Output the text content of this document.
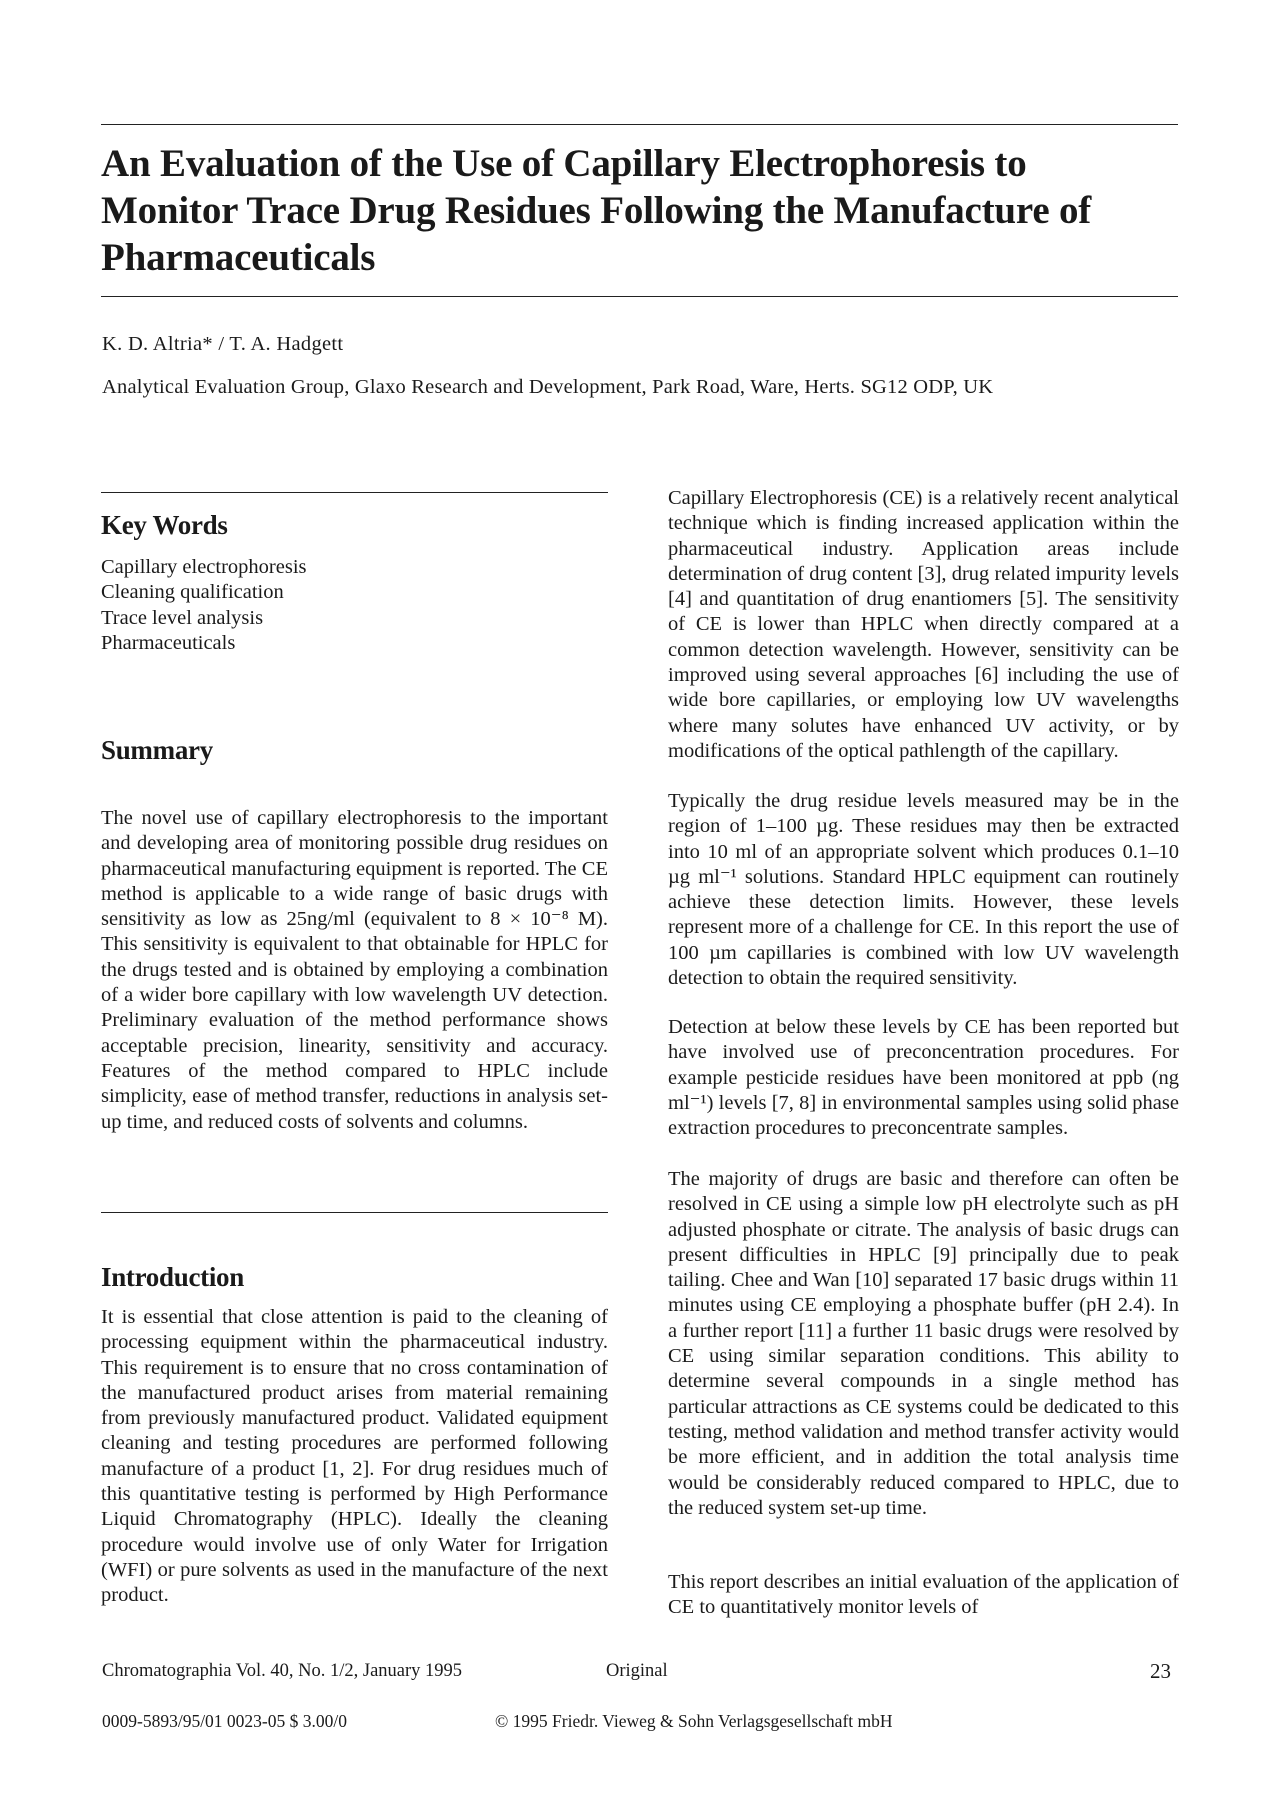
An Evaluation of the Use of Capillary Electrophoresis to Monitor Trace Drug Residues Following the Manufacture of Pharmaceuticals
K. D. Altria* / T. A. Hadgett
Analytical Evaluation Group, Glaxo Research and Development, Park Road, Ware, Herts. SG12 ODP, UK
Key Words
Capillary electrophoresis
Cleaning qualification
Trace level analysis
Pharmaceuticals
Summary

The novel use of capillary electrophoresis to the important and developing area of monitoring possible drug residues on pharmaceutical manufacturing equipment is reported. The CE method is applicable to a wide range of basic drugs with sensitivity as low as 25ng/ml (equivalent to 8 × 10⁻⁸ M). This sensitivity is equivalent to that obtainable for HPLC for the drugs tested and is obtained by employing a combination of a wider bore capillary with low wavelength UV detection. Preliminary evaluation of the method performance shows acceptable precision, linearity, sensitivity and accuracy. Features of the method compared to HPLC include simplicity, ease of method transfer, reductions in analysis set-up time, and reduced costs of solvents and columns.

Introduction

It is essential that close attention is paid to the cleaning of processing equipment within the pharmaceutical industry. This requirement is to ensure that no cross contamination of the manufactured product arises from material remaining from previously manufactured product. Validated equipment cleaning and testing procedures are performed following manufacture of a product [1, 2]. For drug residues much of this quantitative testing is performed by High Performance Liquid Chromatography (HPLC). Ideally the cleaning procedure would involve use of only Water for Irrigation (WFI) or pure solvents as used in the manufacture of the next product.

Capillary Electrophoresis (CE) is a relatively recent analytical technique which is finding increased application within the pharmaceutical industry. Application areas include determination of drug content [3], drug related impurity levels [4] and quantitation of drug enantiomers [5]. The sensitivity of CE is lower than HPLC when directly compared at a common detection wavelength. However, sensitivity can be improved using several approaches [6] including the use of wide bore capillaries, or employing low UV wavelengths where many solutes have enhanced UV activity, or by modifications of the optical pathlength of the capillary.

Typically the drug residue levels measured may be in the region of 1–100 µg. These residues may then be extracted into 10 ml of an appropriate solvent which produces 0.1–10 µg ml⁻¹ solutions. Standard HPLC equipment can routinely achieve these detection limits. However, these levels represent more of a challenge for CE. In this report the use of 100 µm capillaries is combined with low UV wavelength detection to obtain the required sensitivity.

Detection at below these levels by CE has been reported but have involved use of preconcentration procedures. For example pesticide residues have been monitored at ppb (ng ml⁻¹) levels [7, 8] in environmental samples using solid phase extraction procedures to preconcentrate samples.

The majority of drugs are basic and therefore can often be resolved in CE using a simple low pH electrolyte such as pH adjusted phosphate or citrate. The analysis of basic drugs can present difficulties in HPLC [9] principally due to peak tailing. Chee and Wan [10] separated 17 basic drugs within 11 minutes using CE employing a phosphate buffer (pH 2.4). In a further report [11] a further 11 basic drugs were resolved by CE using similar separation conditions. This ability to determine several compounds in a single method has particular attractions as CE systems could be dedicated to this testing, method validation and method transfer activity would be more efficient, and in addition the total analysis time would be considerably reduced compared to HPLC, due to the reduced system set-up time.

This report describes an initial evaluation of the application of CE to quantitatively monitor levels of

Chromatographia Vol. 40, No. 1/2, January 1995	Original	23
0009-5893/95/01 0023-05 $ 3.00/0	© 1995 Friedr. Vieweg & Sohn Verlagsgesellschaft mbH
